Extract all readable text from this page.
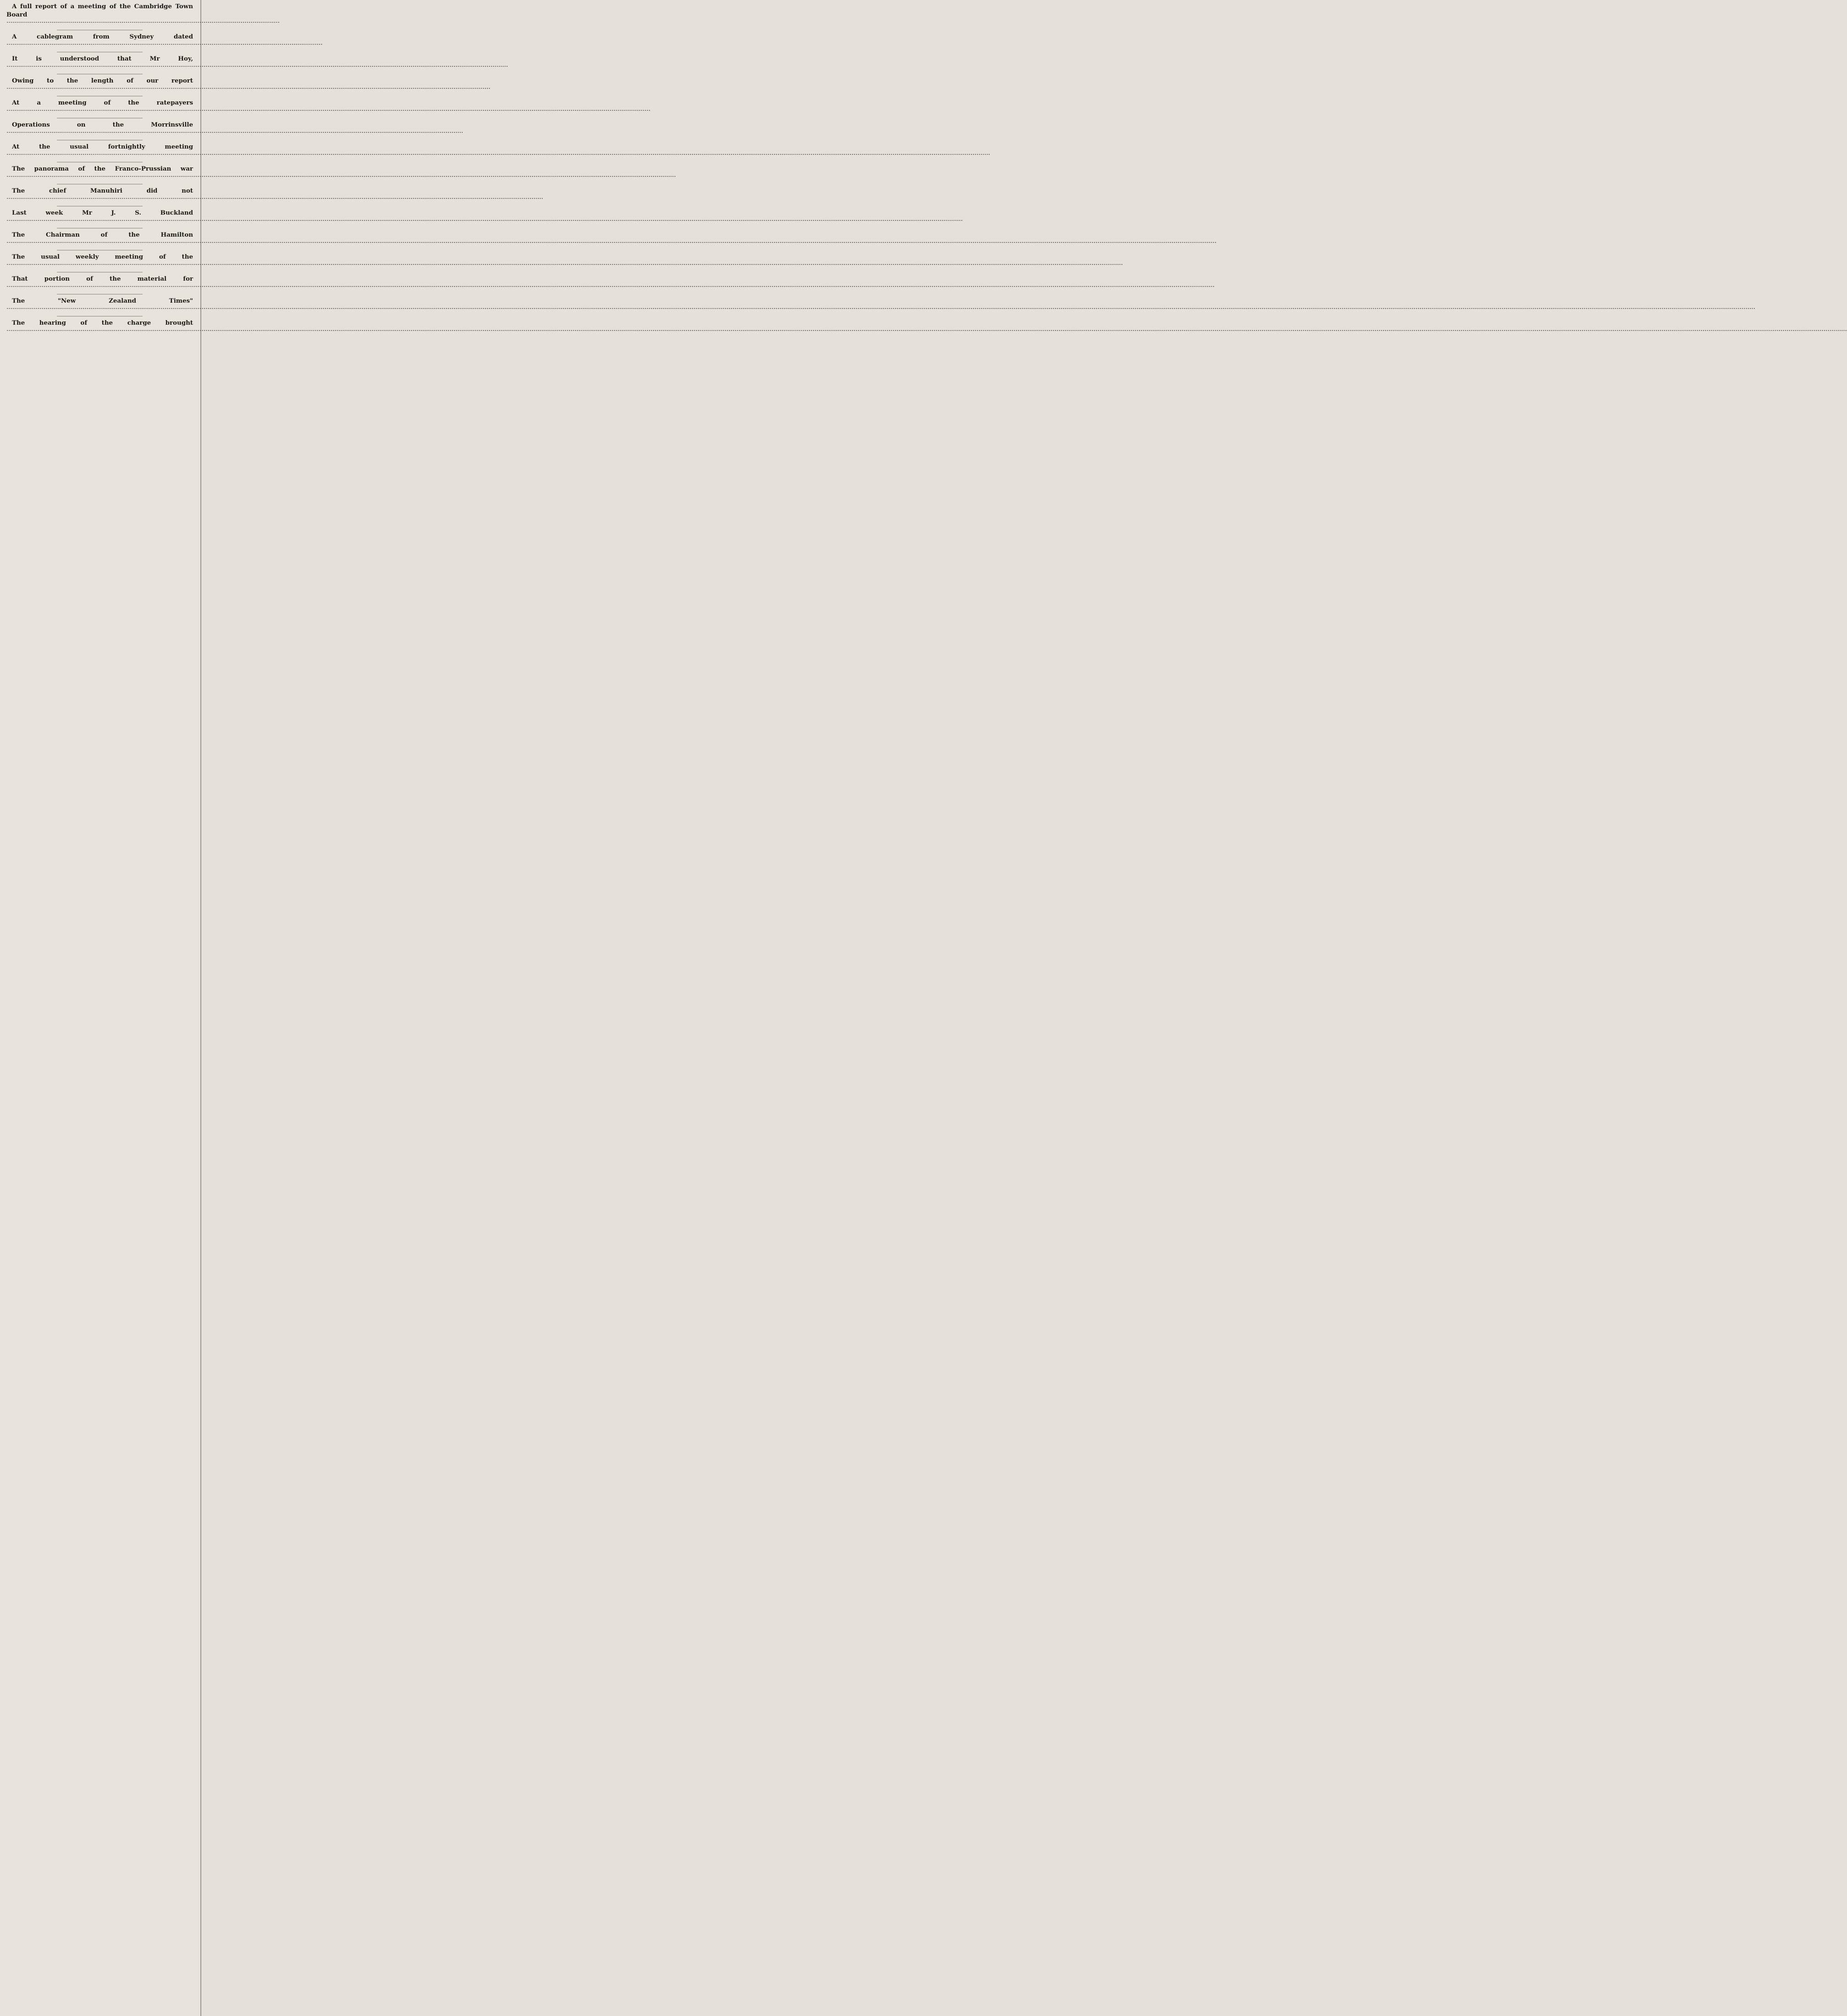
A full report of a meeting of the Cambridge Town Board ············································································································································

A cablegram from Sydney dated ··································································································································································

It is understood that Mr Hoy, ·································································································································································································································································

Owing to the length of our report ························································································································································································································································

At a meeting of the ratepayers ··········································································································································································································································································································································

Operations on the Morrinsville ··········································································································································································································································

At the usual fortnightly meeting ························································································································································································································································································································································································································································································································

The panorama of the Franco-Prussian war ·······················································································································································································································································································································································

The chief Manuhiri did not ···················································································································································································································································································

Last week Mr J. S. Buckland ··········································································································································································································································································································································································································································································································

The Chairman of the Hamilton ············································································································································································································································································································································································································································································································································································································································

The usual weekly meeting of the ····························································································································································································································································································································································································································································································································································································

That portion of the material for ···········································································································································································································································································································································································································································································································································································································································

The "New Zealand Times" ································································································································································································································································································································································································································································································································································································································································································································································································································································································································

The hearing of the charge brought ···············································································································································································································································································································································································································································································································································································································································································································································································································································································································································································
